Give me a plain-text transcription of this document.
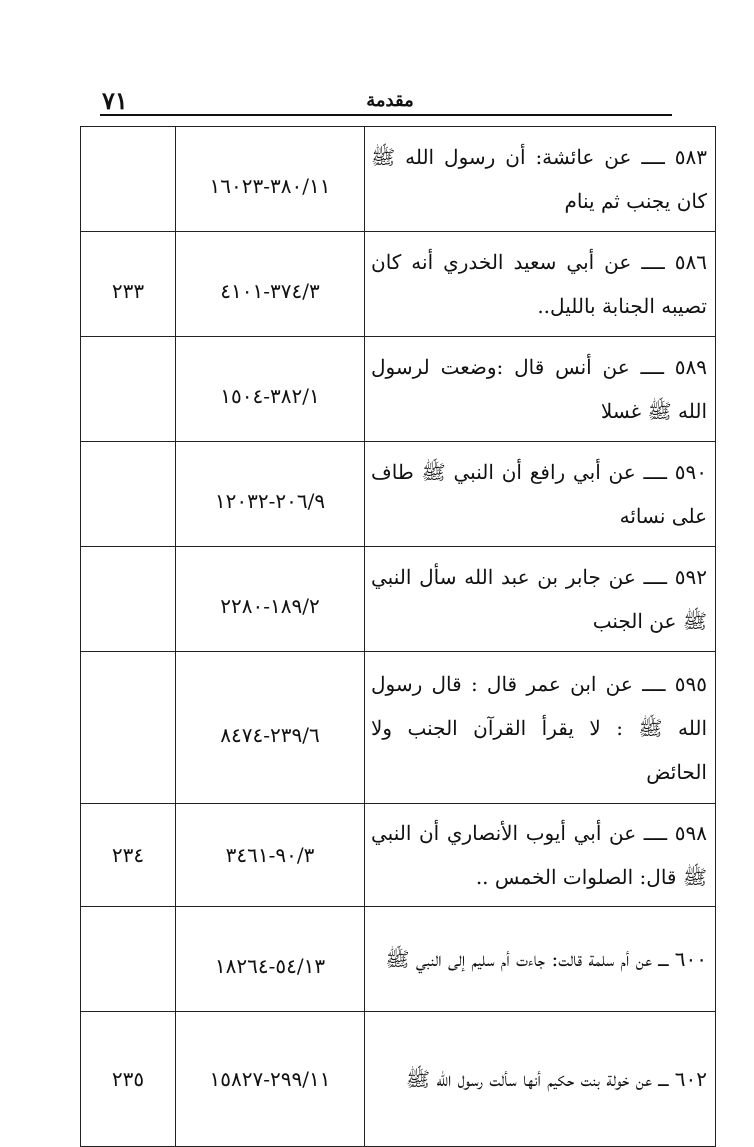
٧١	مقدمة
٥٨٣ ــــ عن عائشة: أن رسول الله ﷺ كان يجنب ثم ينام	٣٨٠/١١-١٦٠٢٣	
٥٨٦ ــــ عن أبي سعيد الخدري أنه كان تصيبه الجنابة بالليل..	٣٧٤/٣-٤١٠١	٢٣٣
٥٨٩ ــــ عن أنس قال :وضعت لرسول الله ﷺ غسلا	٣٨٢/١-١٥٠٤	
٥٩٠ ــــ عن أبي رافع أن النبي ﷺ طاف على نسائه	٢٠٦/٩-١٢٠٣٢	
٥٩٢ ــــ عن جابر بن عبد الله سأل النبي ﷺ عن الجنب	١٨٩/٢-٢٢٨٠	
٥٩٥ ــــ عن ابن عمر قال : قال رسول الله ﷺ : لا يقرأ القرآن الجنب ولا الحائض	٢٣٩/٦-٨٤٧٤	
٥٩٨ ــــ عن أبي أيوب الأنصاري أن النبي ﷺ قال: الصلوات الخمس ..	٩٠/٣-٣٤٦١	٢٣٤
٦٠٠ ــــ عن أم سلمة قالت: جاءت أم سليم إلى النبي ﷺ	٥٤/١٣-١٨٢٦٤	
٦٠٢ ــــ عن خولة بنت حكيم أنها سألت رسول الله ﷺ	٢٩٩/١١-١٥٨٢٧	٢٣٥
